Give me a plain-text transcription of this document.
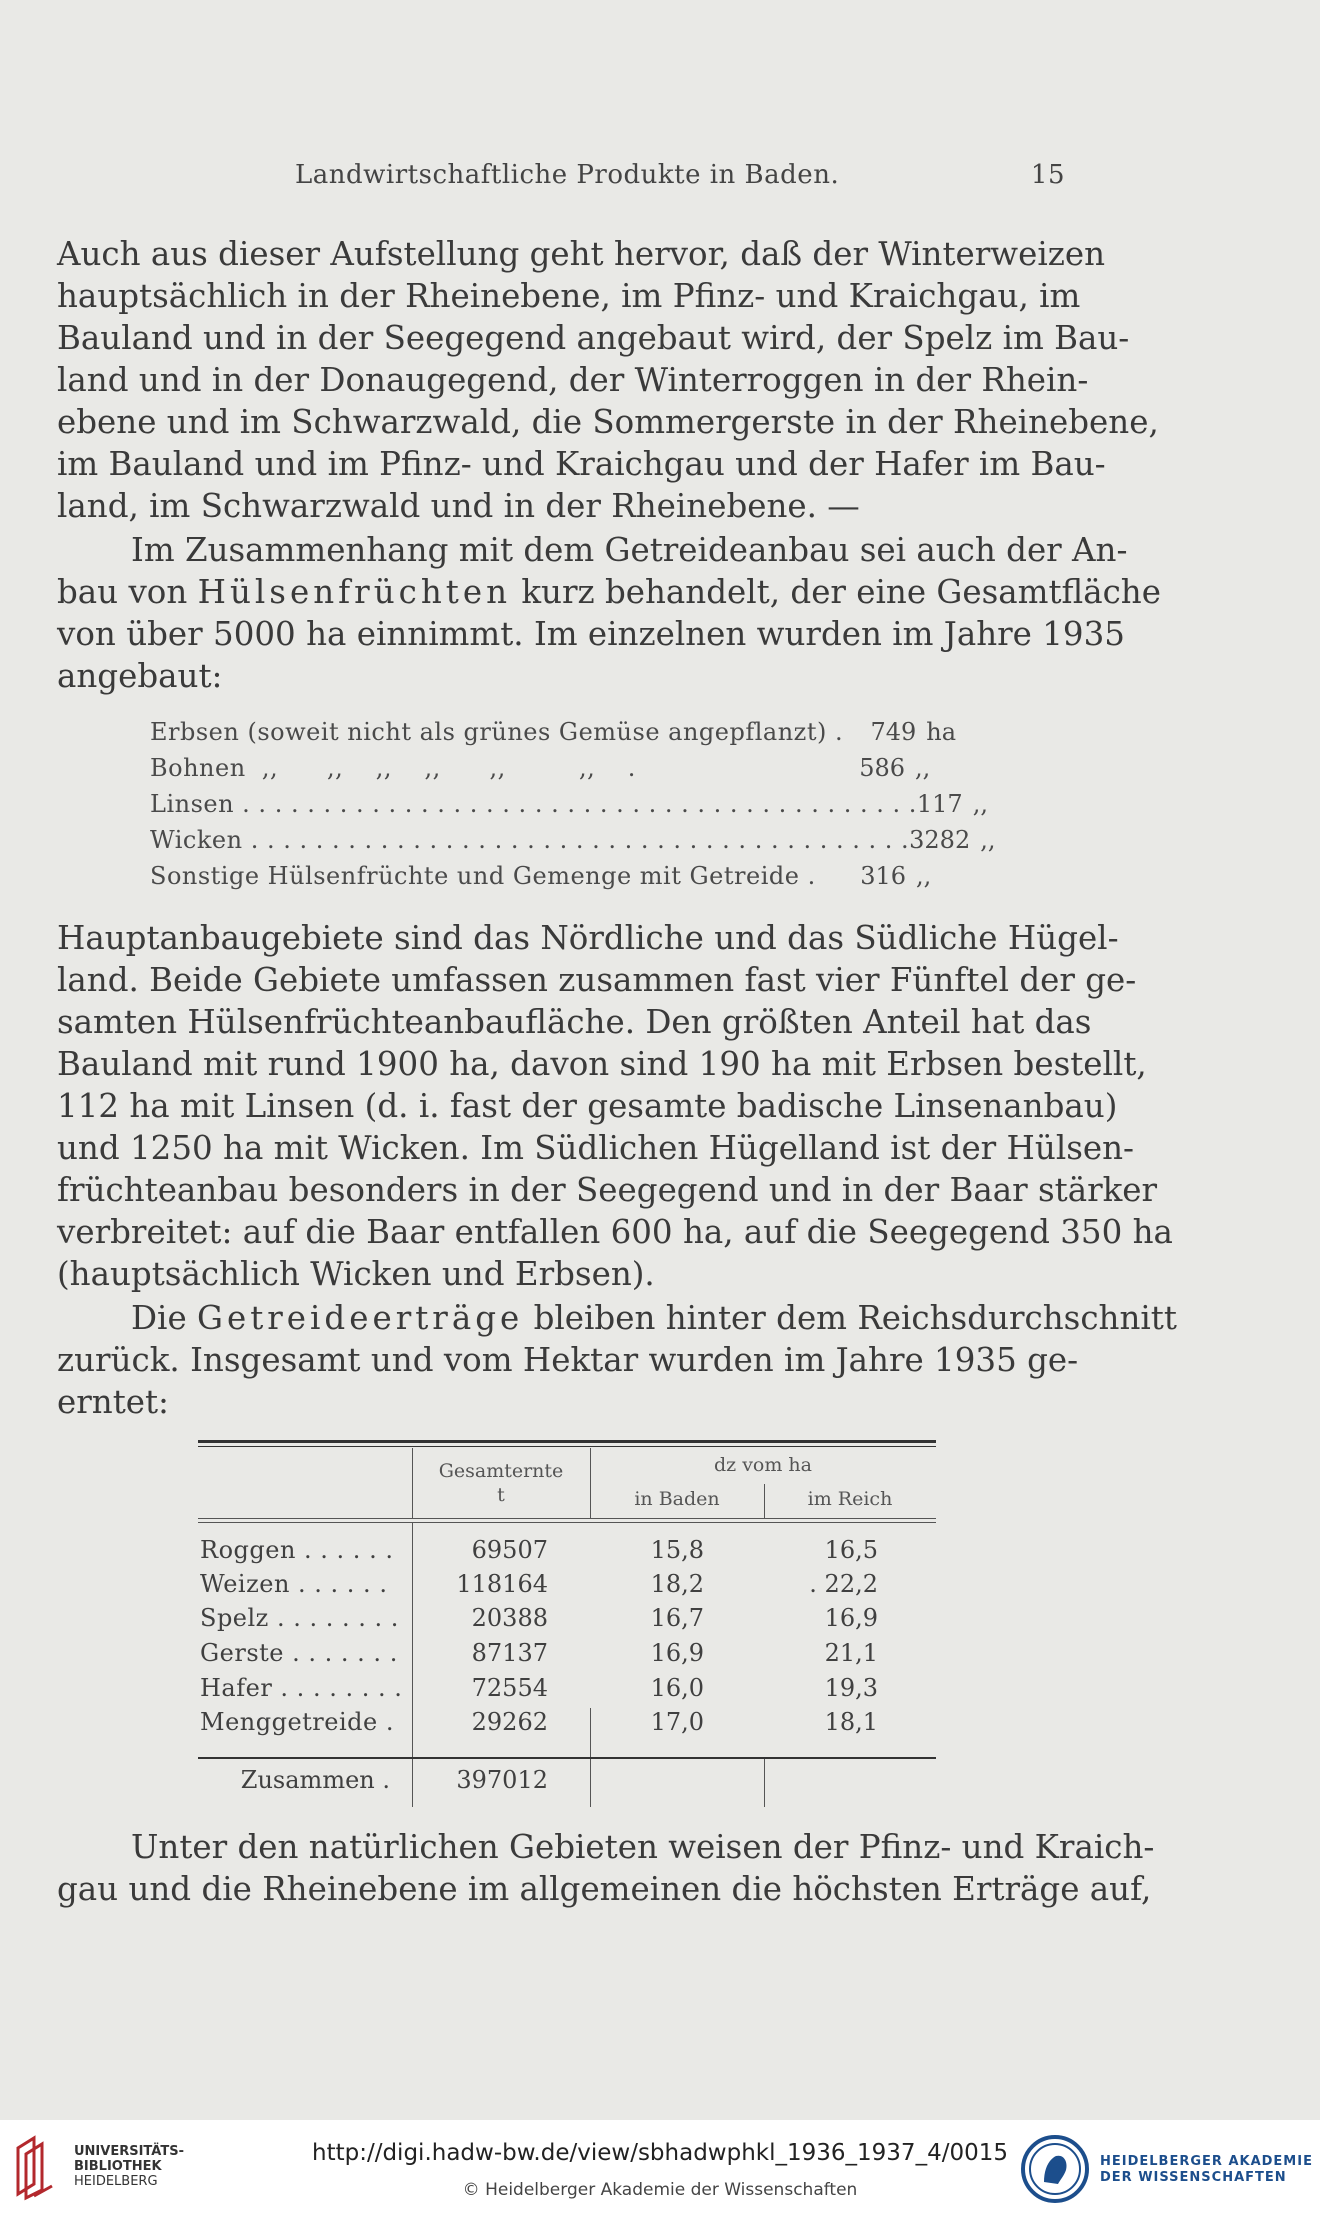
Landwirtschaftliche Produkte in Baden.	15
Auch aus dieser Aufstellung geht hervor, daß der Winterweizen
hauptsächlich in der Rheinebene, im Pfinz- und Kraichgau, im
Bauland und in der Seegegend angebaut wird, der Spelz im Bau-
land und in der Donaugegend, der Winterroggen in der Rhein-
ebene und im Schwarzwald, die Sommergerste in der Rheinebene,
im Bauland und im Pfinz- und Kraichgau und der Hafer im Bau-
land, im Schwarzwald und in der Rheinebene. —
Im Zusammenhang mit dem Getreideanbau sei auch der An-
bau von Hülsenfrüchten kurz behandelt, der eine Gesamtfläche
von über 5000 ha einnimmt. Im einzelnen wurden im Jahre 1935
angebaut:
Erbsen (soweit nicht als grünes Gemüse angepflanzt) .	749 ha
Bohnen  ,,      ,,    ,,    ,,      ,,         ,,    .	586 ,,
Linsen . . . . . . . . . . . . . . . . . . . . . . . . . . . . . . . . . . . . . . . . . . 117 ,,
Wicken . . . . . . . . . . . . . . . . . . . . . . . . . . . . . . . . . . . . . . . . . 3282 ,,
Sonstige Hülsenfrüchte und Gemenge mit Getreide .	316 ,,
Hauptanbaugebiete sind das Nördliche und das Südliche Hügel-
land. Beide Gebiete umfassen zusammen fast vier Fünftel der ge-
samten Hülsenfrüchteanbaufläche. Den größten Anteil hat das
Bauland mit rund 1900 ha, davon sind 190 ha mit Erbsen bestellt,
112 ha mit Linsen (d. i. fast der gesamte badische Linsenanbau)
und 1250 ha mit Wicken. Im Südlichen Hügelland ist der Hülsen-
früchteanbau besonders in der Seegegend und in der Baar stärker
verbreitet: auf die Baar entfallen 600 ha, auf die Seegegend 350 ha
(hauptsächlich Wicken und Erbsen).
Die Getreideerträge bleiben hinter dem Reichsdurchschnitt
zurück. Insgesamt und vom Hektar wurden im Jahre 1935 ge-
erntet:
Gesamternte
t
dz vom ha
in Baden	im Reich
Roggen . . . . . .	69507	15,8	16,5
Weizen . . . . . .	118164	18,2	. 22,2
Spelz . . . . . . . .	20388	16,7	16,9
Gerste . . . . . . .	87137	16,9	21,1
Hafer . . . . . . . .	72554	16,0	19,3
Menggetreide .	29262	17,0	18,1
Zusammen .	397012
Unter den natürlichen Gebieten weisen der Pfinz- und Kraich-
gau und die Rheinebene im allgemeinen die höchsten Erträge auf,
UNIVERSITÄTS-
BIBLIOTHEK
HEIDELBERG
http://digi.hadw-bw.de/view/sbhadwphkl_1936_1937_4/0015
© Heidelberger Akademie der Wissenschaften
HEIDELBERGER AKADEMIE
DER WISSENSCHAFTEN
